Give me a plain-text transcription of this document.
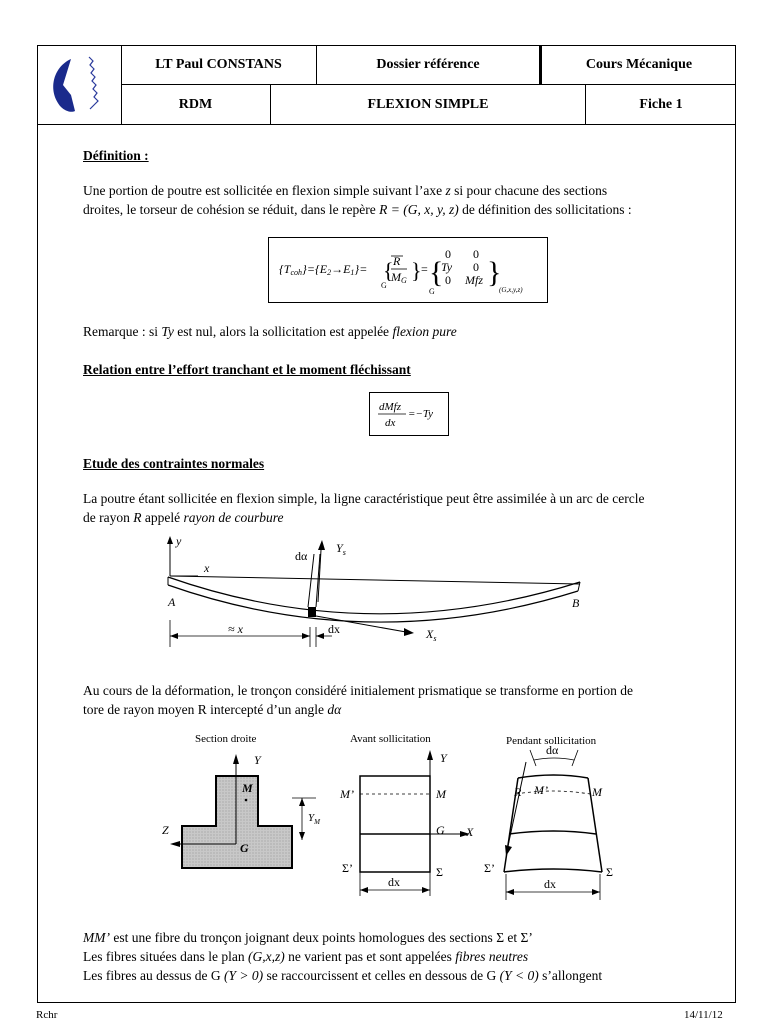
LT Paul CONSTANS	Dossier référence	Cours Mécanique
RDM	FLEXION SIMPLE	Fiche 1
Définition :
Une portion de poutre est sollicitée en flexion simple suivant l’axe z si pour chacune des sections
droites, le torseur de cohésion se réduit, dans le repère R = (G, x, y, z) de définition des sollicitations :
{Tcoh}={E2→E1}= { R
MG }
G
= {
0 0
Ty 0
0 Mfz }
G	(G,x,y,z)
Remarque : si Ty est nul, alors la sollicitation est appelée flexion pure
Relation entre l’effort tranchant et le moment fléchissant
dMfz
dx
=−Ty
Etude des contraintes normales
La poutre étant sollicitée en flexion simple, la ligne caractéristique peut être assimilée à un arc de cercle
de rayon R appelé rayon de courbure
y
x
dα
$Y_s$
A	B
$X_s$
≈ x	dx
Au cours de la déformation, le tronçon considéré initialement prismatique se transforme en portion de
tore de rayon moyen R intercepté d’un angle dα
Section droite	Avant sollicitation	Pendant sollicitation
Y
M
Z
G
$Y_M$
Y
X
M’	M
G
Σ’	Σ
dx
dα
R M’	M
Σ’	Σ
dx
MM’ est une fibre du tronçon joignant deux points homologues des sections Σ et Σ’
Les fibres situées dans le plan (G,x,z) ne varient pas et sont appelées fibres neutres
Les fibres au dessus de G (Y > 0) se raccourcissent et celles en dessous de G (Y < 0) s’allongent
Rchr	14/11/12
